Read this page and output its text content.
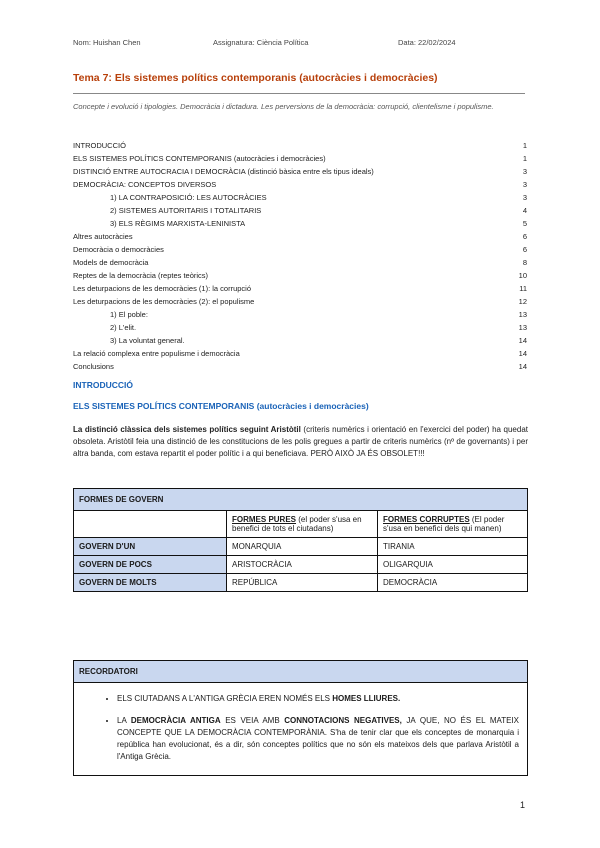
Nom: Huishan Chen	Assignatura: Ciència Política	Data: 22/02/2024
Tema 7: Els sistemes polítics contemporanis (autocràcies i democràcies)
Concepte i evolució i tipologies. Democràcia i dictadura. Les perversions de la democràcia: corrupció, clientelisme i populisme.
INTRODUCCIÓ	1
ELS SISTEMES POLÍTICS CONTEMPORANIS (autocràcies i democràcies)	1
DISTINCIÓ ENTRE AUTOCRACIA I DEMOCRÀCIA (distinció bàsica entre els tipus ideals)	3
DEMOCRÀCIA: CONCEPTOS DIVERSOS	3
1) LA CONTRAPOSICIÓ: LES AUTOCRÀCIES	3
2) SISTEMES AUTORITARIS I TOTALITARIS	4
3) ELS RÈGIMS MARXISTA-LENINISTA	5
Altres autocràcies	6
Democràcia o democràcies	6
Models de democràcia	8
Reptes de la democràcia (reptes teòrics)	10
Les deturpacions de les democràcies (1): la corrupció	11
Les deturpacions de les democràcies (2): el populisme	12
1) El poble:	13
2) L'elit.	13
3) La voluntat general.	14
La relació complexa entre populisme i democràcia	14
Conclusions	14
INTRODUCCIÓ
ELS SISTEMES POLÍTICS CONTEMPORANIS (autocràcies i democràcies)
La distinció clàssica dels sistemes polítics seguint Aristòtil (criteris numèrics i orientació en l'exercici del poder) ha quedat obsoleta. Aristòtil feia una distinció de les constitucions de les polis gregues a partir de criteris numèrics (nº de governants) i per altra banda, com estava repartit el poder polític i a qui beneficiava. PERÒ AIXÒ JA ÉS OBSOLET!!!
FORMES DE GOVERN		
	FORMES PURES (el poder s'usa en benefici de tots el ciutadans)	FORMES CORRUPTES (El poder s'usa en benefici dels qui manen)
GOVERN D'UN	MONARQUIA	TIRANIA
GOVERN DE POCS	ARISTOCRÀCIA	OLIGARQUIA
GOVERN DE MOLTS	REPÚBLICA	DEMOCRÀCIA
RECORDATORI

• ELS CIUTADANS A L'ANTIGA GRÈCIA EREN NOMÉS ELS HOMES LLIURES.
• LA DEMOCRÀCIA ANTIGA ES VEIA AMB CONNOTACIONS NEGATIVES, JA QUE, NO ÉS EL MATEIX CONCEPTE QUE LA DEMOCRÀCIA CONTEMPORÀNIA. S'ha de tenir clar que els conceptes de monarquia i república han evolucionat, és a dir, són conceptes polítics que no són els mateixos dels que parlava Aristòtil a l'Antiga Grècia.
1
